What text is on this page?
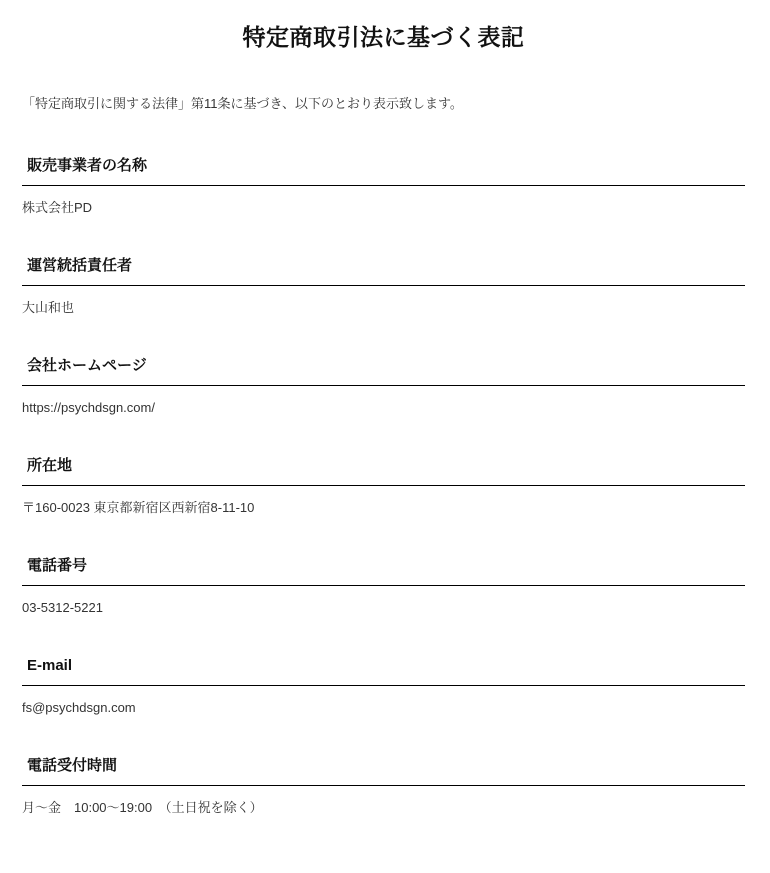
特定商取引法に基づく表記

「特定商取引に関する法律」第11条に基づき、以下のとおり表示致します。

販売事業者の名称
株式会社PD
運営統括責任者
大山和也
会社ホームページ
https://psychdsgn.com/
所在地
〒160-0023 東京都新宿区西新宿8-11-10
電話番号
03-5312-5221
E-mail
fs@psychdsgn.com
電話受付時間
月～金　10:00～19:00　（土日祝を除く）
